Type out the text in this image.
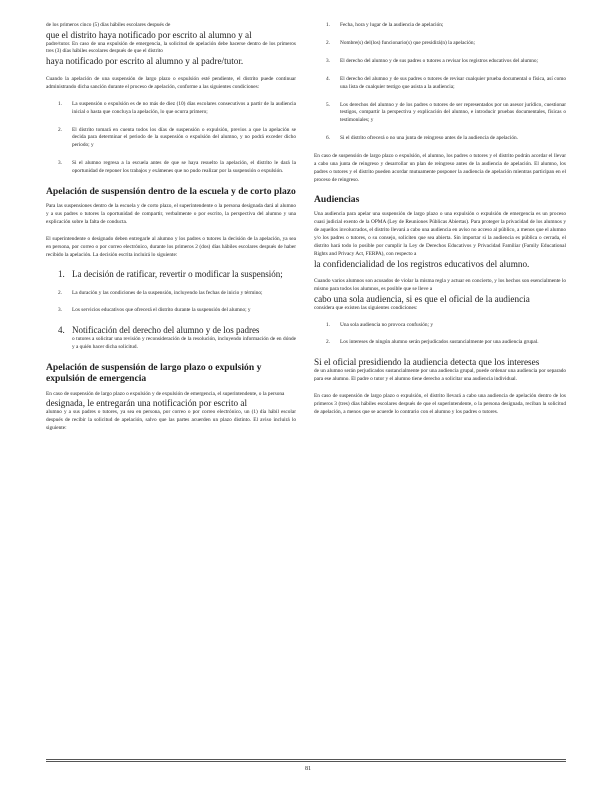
de los primeros cinco (5) días hábiles escolares después de
que el distrito haya notificado por escrito al alumno y al
padre/tutor. En caso de una expulsión de emergencia, la solicitud de apelación debe hacerse dentro de los primeros tres (3) días hábiles escolares después de que el distrito
haya notificado por escrito al alumno y al padre/tutor.
Cuando la apelación de una suspensión de largo plazo o expulsión esté pendiente, el distrito puede continuar administrando dicha sanción durante el proceso de apelación, conforme a las siguientes condiciones:
1.	La suspensión o expulsión es de no más de diez (10) días escolares consecutivos a partir de la audiencia inicial o hasta que concluya la apelación, lo que ocurra primero;
2.	El distrito tomará en cuenta todos los días de suspensión o expulsión, previos a que la apelación se decida para determinar el periodo de la suspensión o expulsión del alumno, y no podrá exceder dicho periodo; y
3.	Si el alumno regresa a la escuela antes de que se haya resuelto la apelación, el distrito le dará la oportunidad de reponer los trabajos y exámenes que no pudo realizar por la suspensión o expulsión.
Apelación de suspensión dentro de la escuela y de corto plazo
Para las suspensiones dentro de la escuela y de corto plazo, el superintendente o la persona designada dará al alumno y a sus padres o tutores la oportunidad de compartir, verbalmente o por escrito, la perspectiva del alumno y una explicación sobre la falta de conducta.
El superintendente o designado deben entregarle al alumno y los padres o tutores la decisión de la apelación, ya sea en persona, por correo o por correo electrónico, durante los primeros 2 (dos) días hábiles escolares después de haber recibido la apelación. La decisión escrita incluirá lo siguiente:
1. La decisión de ratificar, revertir o modificar la suspensión;
2.	La duración y las condiciones de la suspensión, incluyendo las fechas de inicio y término;
3.	Los servicios educativos que ofrecerá el distrito durante la suspensión del alumno; y
4. Notificación del derecho del alumno y de los padres
o tutores a solicitar una revisión y reconsideración de la resolución, incluyendo información de en dónde y a quién hacer dicha solicitud.
Apelación de suspensión de largo plazo o expulsión y expulsión de emergencia
En caso de suspensión de largo plazo o expulsión y de expulsión de emergencia, el superintendente, o la persona
designada, le entregarán una notificación por escrito al
alumno y a sus padres o tutores, ya sea en persona, por correo o por correo electrónico, un (1) día hábil escolar después de recibir la solicitud de apelación, salvo que las partes acuerden un plazo distinto. El aviso incluirá lo siguiente:
1.	Fecha, hora y lugar de la audiencia de apelación;
2.	Nombre(s) del(los) funcionario(s) que presidirá(n) la apelación;
3.	El derecho del alumno y de sus padres o tutores a revisar los registros educativos del alumno;
4.	El derecho del alumno y de sus padres o tutores de revisar cualquier prueba documental o física, así como una lista de cualquier testigo que asista a la audiencia;
5.	Los derechos del alumno y de los padres o tutores de ser representados por un asesor jurídico, cuestionar testigos, compartir la perspectiva y explicación del alumno, e introducir pruebas documentales, físicas o testimoniales; y
6.	Si el distrito ofrecerá o no una junta de reingreso antes de la audiencia de apelación.
En caso de suspensión de largo plazo o expulsión, el alumno, los padres o tutores y el distrito podrán acordar el llevar a cabo una junta de reingreso y desarrollar un plan de reingreso antes de la audiencia de apelación. El alumno, los padres o tutores y el distrito pueden acordar mutuamente posponer la audiencia de apelación mientras participan en el proceso de reingreso.
Audiencias
Una audiencia para apelar una suspensión de largo plazo o una expulsión o expulsión de emergencia es un proceso cuasi judicial exento de la OPMA (Ley de Reuniones Públicas Abiertas). Para proteger la privacidad de los alumnos y de aquellos involucrados, el distrito llevará a cabo una audiencia en aviso no acceso al público, a menos que el alumno y/o los padres o tutores, o su consejo, soliciten que sea abierta. Sin importar si la audiencia es pública o cerrada, el distrito hará todo lo posible por cumplir la Ley de Derechos Educativos y Privacidad Familiar (Family Educational Rights and Privacy Act, FERPA), con respecto a
la confidencialidad de los registros educativos del alumno.
Cuando varios alumnos son acusados de violar la misma regla y actuar en concierto, y los hechos son esencialmente lo mismo para todos los alumnos, es posible que se lleve a
cabo una sola audiencia, si es que el oficial de la audiencia
considera que existen las siguientes condiciones:
1.	Una sola audiencia no provoca confusión; y
2.	Los intereses de ningún alumno serán perjudicados sustancialmente por una audiencia grupal.
Si el oficial presidiendo la audiencia detecta que los intereses
de un alumno serán perjudicados sustancialmente por una audiencia grupal, puede ordenar una audiencia por separado para ese alumno. El padre o tutor y el alumno tiene derecho a solicitar una audiencia individual.
En caso de suspensión de largo plazo o expulsión, el distrito llevará a cabo una audiencia de apelación dentro de los primeros 3 (tres) días hábiles escolares después de que el superintendente, o la persona designada, reciban la solicitud de apelación, a menos que se acuerde lo contrario con el alumno y los padres o tutores.
81
